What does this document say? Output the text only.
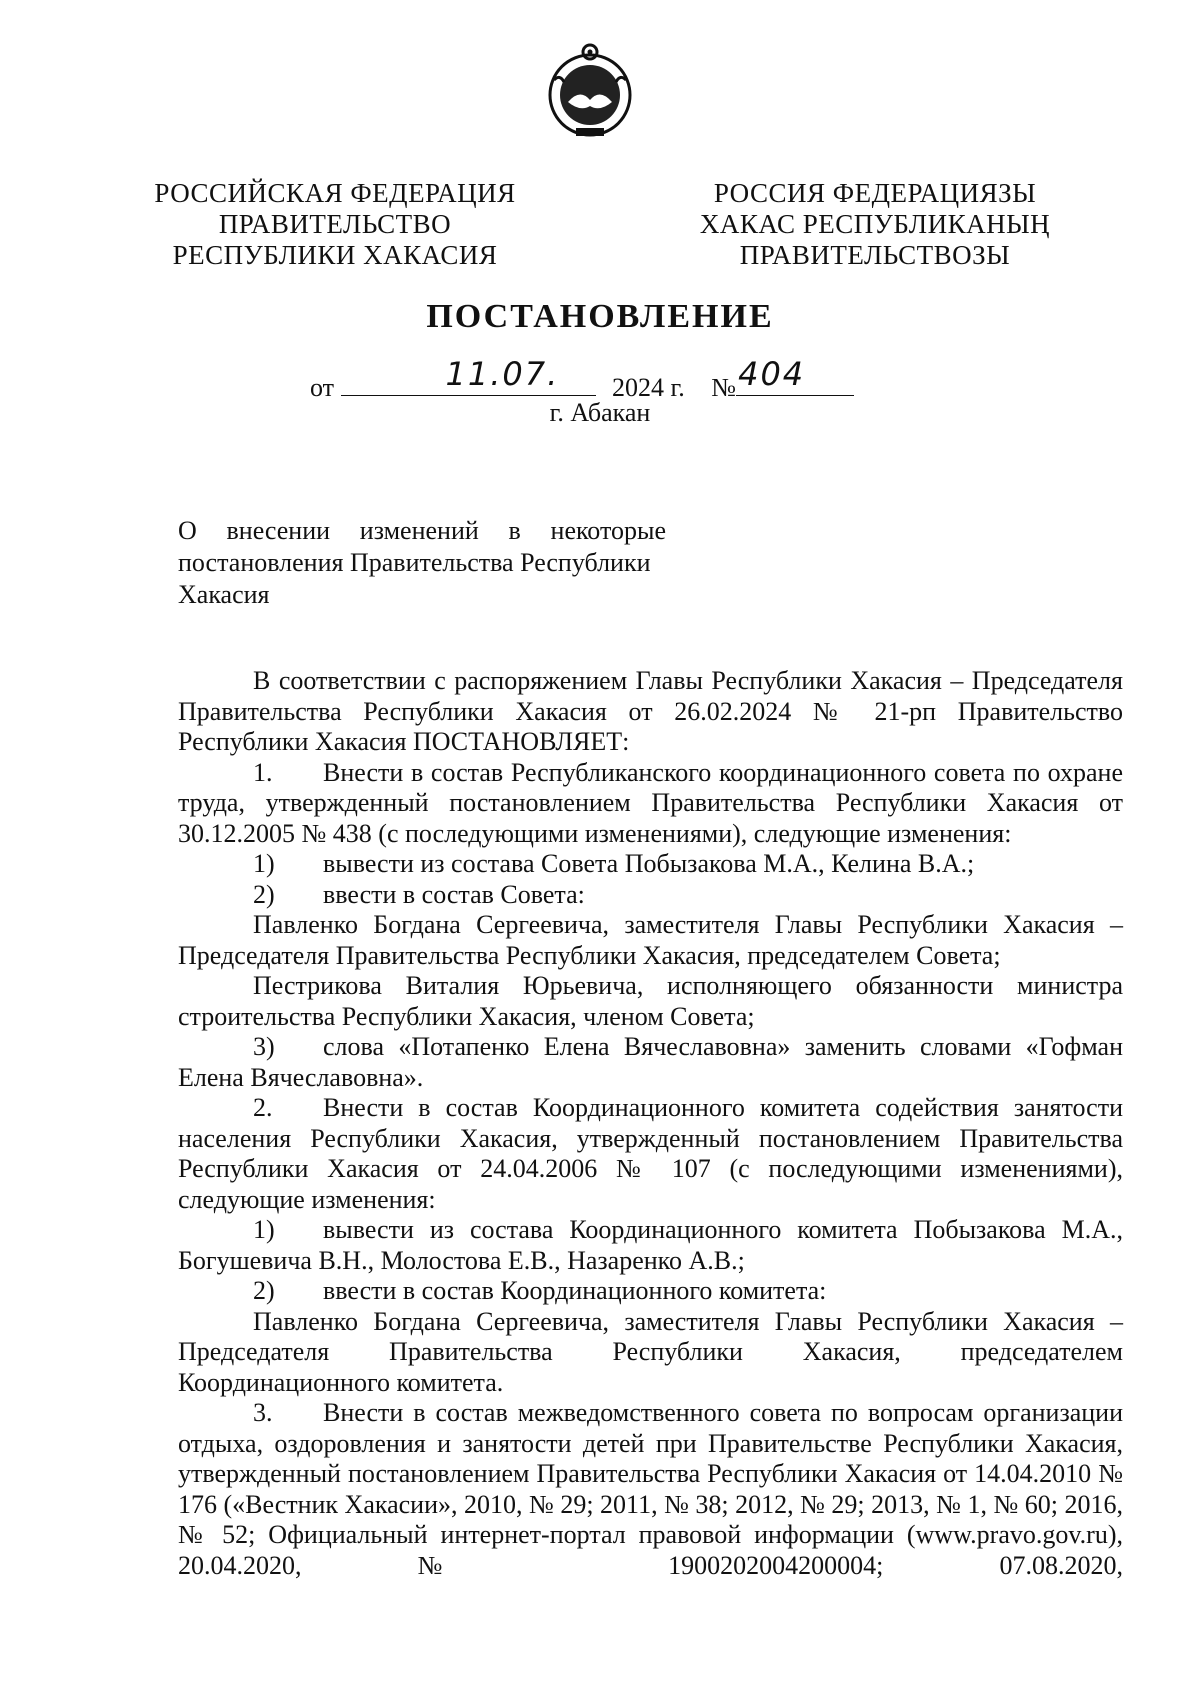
РОССИЙСКАЯ ФЕДЕРАЦИЯ
ПРАВИТЕЛЬСТВО
РЕСПУБЛИКИ ХАКАСИЯ
РОССИЯ ФЕДЕРАЦИЯЗЫ
ХАКАС РЕСПУБЛИКАНЫҢ
ПРАВИТЕЛЬСТВОЗЫ
ПОСТАНОВЛЕНИЕ
от	11.07. 2024 г. № 404
г. Абакан
О внесении изменений в некоторые
постановления Правительства Республики
Хакасия

В соответствии с распоряжением Главы Республики Хакасия – Председателя Правительства Республики Хакасия от 26.02.2024 № 21-рп Правительство Республики Хакасия ПОСТАНОВЛЯЕТ:

1. Внести в состав Республиканского координационного совета по охране труда, утвержденный постановлением Правительства Республики Хакасия от 30.12.2005 № 438 (с последующими изменениями), следующие изменения:

1) вывести из состава Совета Побызакова М.А., Келина В.А.;

2) ввести в состав Совета:

Павленко Богдана Сергеевича, заместителя Главы Республики Хакасия – Председателя Правительства Республики Хакасия, председателем Совета;

Пестрикова Виталия Юрьевича, исполняющего обязанности министра строительства Республики Хакасия, членом Совета;

3) слова «Потапенко Елена Вячеславовна» заменить словами «Гофман Елена Вячеславовна».

2. Внести в состав Координационного комитета содействия занятости населения Республики Хакасия, утвержденный постановлением Правительства Республики Хакасия от 24.04.2006 № 107 (с последующими изменениями), следующие изменения:

1) вывести из состава Координационного комитета Побызакова М.А., Богушевича В.Н., Молостова Е.В., Назаренко А.В.;

2) ввести в состав Координационного комитета:

Павленко Богдана Сергеевича, заместителя Главы Республики Хакасия – Председателя Правительства Республики Хакасия, председателем Координационного комитета.

3. Внести в состав межведомственного совета по вопросам организации отдыха, оздоровления и занятости детей при Правительстве Республики Хакасия, утвержденный постановлением Правительства Республики Хакасия от 14.04.2010 № 176 («Вестник Хакасии», 2010, № 29; 2011, № 38; 2012, № 29; 2013, № 1, № 60; 2016, № 52; Официальный интернет-портал правовой информации (www.pravo.gov.ru), 20.04.2020, № 1900202004200004; 07.08.2020,
